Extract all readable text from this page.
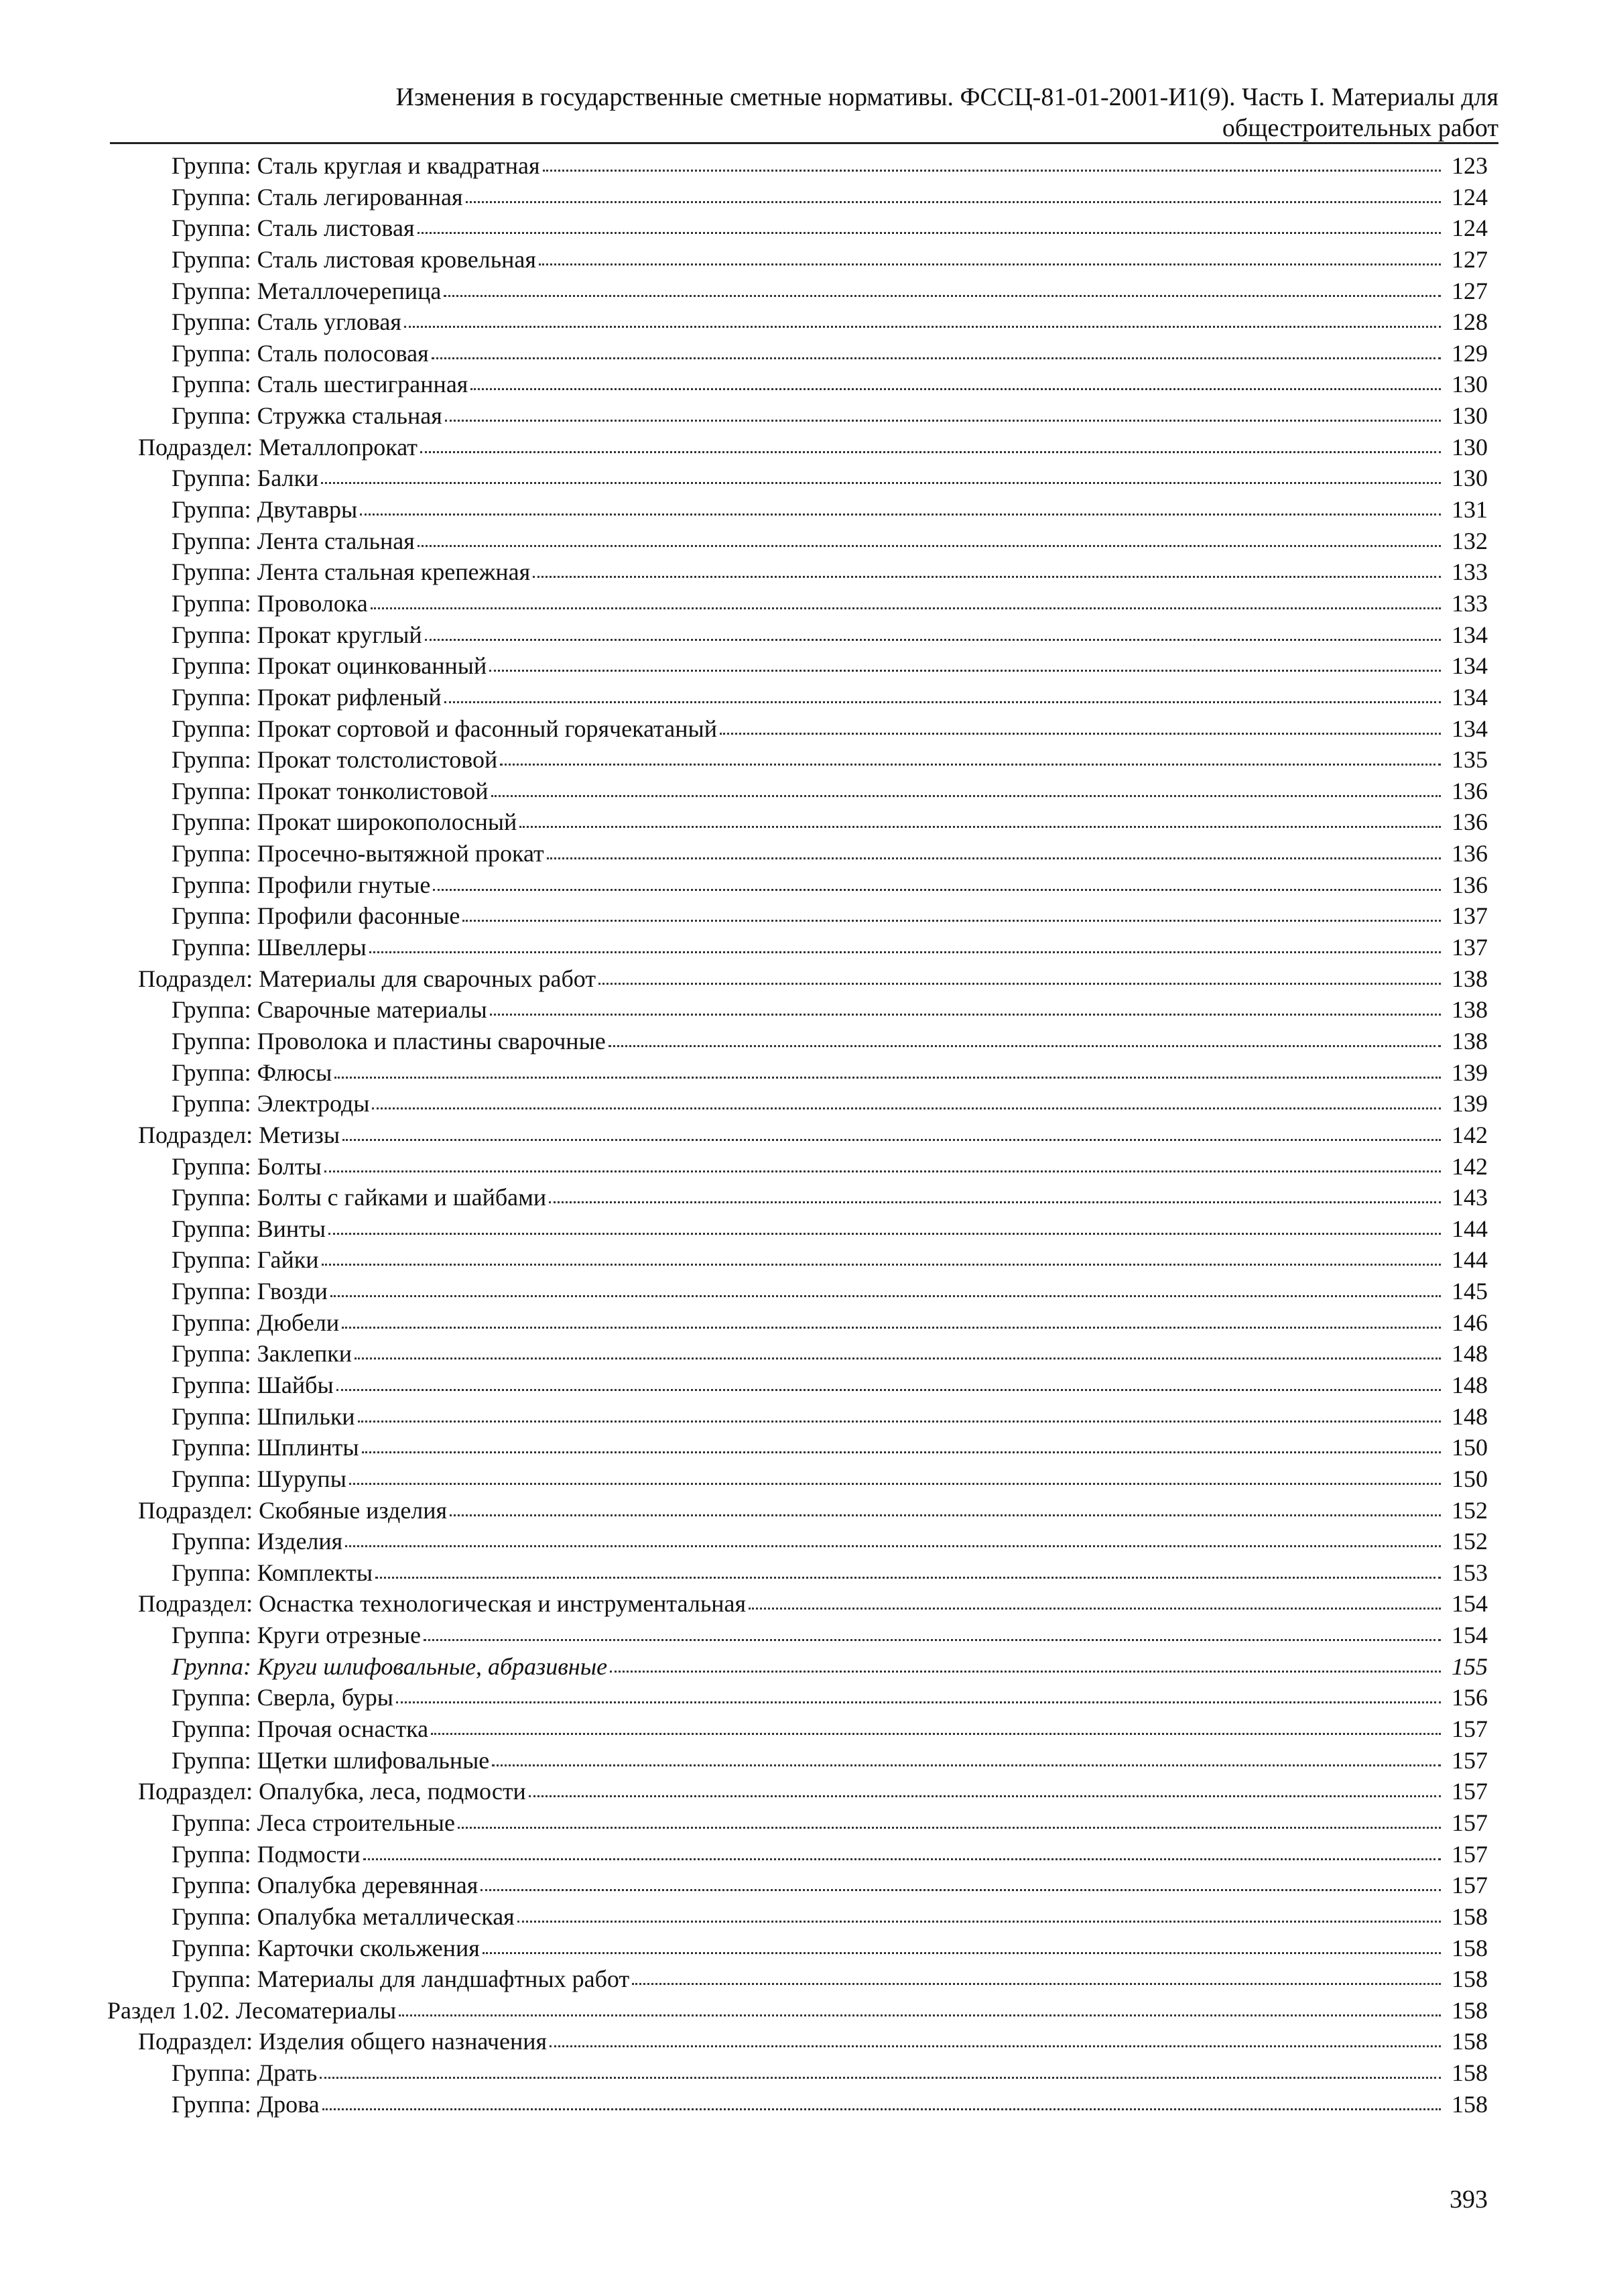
Изменения в государственные сметные нормативы. ФССЦ-81-01-2001-И1(9). Часть I. Материалы для
общестроительных работ
Группа: Сталь круглая и квадратная	123
Группа: Сталь легированная	124
Группа: Сталь листовая	124
Группа: Сталь листовая кровельная	127
Группа: Металлочерепица	127
Группа: Сталь угловая	128
Группа: Сталь полосовая	129
Группа: Сталь шестигранная	130
Группа: Стружка стальная	130
Подраздел: Металлопрокат	130
Группа: Балки	130
Группа: Двутавры	131
Группа: Лента стальная	132
Группа: Лента стальная крепежная	133
Группа: Проволока	133
Группа: Прокат круглый	134
Группа: Прокат оцинкованный	134
Группа: Прокат рифленый	134
Группа: Прокат сортовой и фасонный горячекатаный	134
Группа: Прокат толстолистовой	135
Группа: Прокат тонколистовой	136
Группа: Прокат широкополосный	136
Группа: Просечно-вытяжной прокат	136
Группа: Профили гнутые	136
Группа: Профили фасонные	137
Группа: Швеллеры	137
Подраздел: Материалы для сварочных работ	138
Группа: Сварочные материалы	138
Группа: Проволока и пластины сварочные	138
Группа: Флюсы	139
Группа: Электроды	139
Подраздел: Метизы	142
Группа: Болты	142
Группа: Болты с гайками и шайбами	143
Группа: Винты	144
Группа: Гайки	144
Группа: Гвозди	145
Группа: Дюбели	146
Группа: Заклепки	148
Группа: Шайбы	148
Группа: Шпильки	148
Группа: Шплинты	150
Группа: Шурупы	150
Подраздел: Скобяные изделия	152
Группа: Изделия	152
Группа: Комплекты	153
Подраздел: Оснастка технологическая и инструментальная	154
Группа: Круги отрезные	154
Группа: Круги шлифовальные, абразивные	155
Группа: Сверла, буры	156
Группа: Прочая оснастка	157
Группа: Щетки шлифовальные	157
Подраздел: Опалубка, леса, подмости	157
Группа: Леса строительные	157
Группа: Подмости	157
Группа: Опалубка деревянная	157
Группа: Опалубка металлическая	158
Группа: Карточки скольжения	158
Группа: Материалы для ландшафтных работ	158
Раздел 1.02. Лесоматериалы	158
Подраздел: Изделия общего назначения	158
Группа: Драть	158
Группа: Дрова	158
393
